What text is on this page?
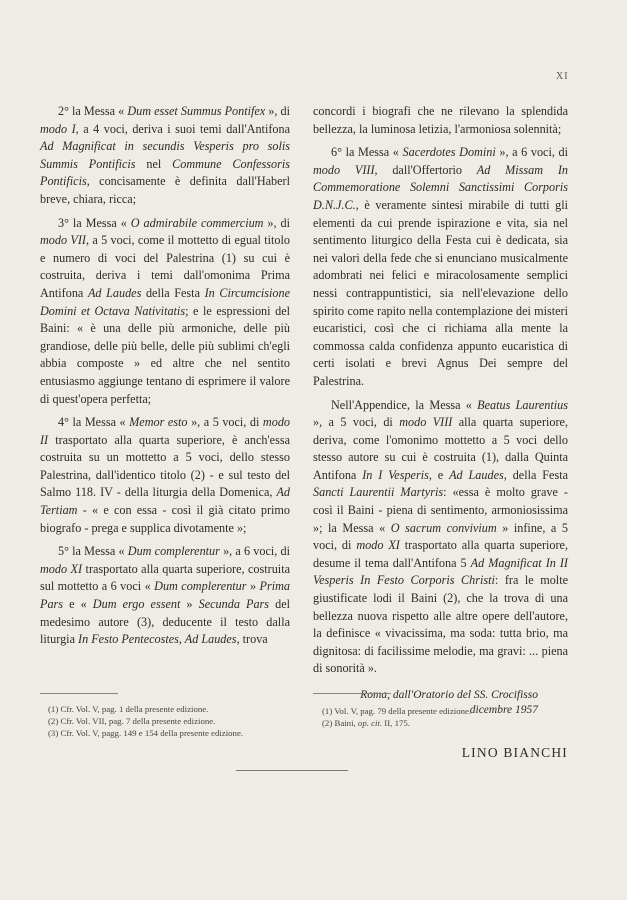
XI

2° la Messa « Dum esset Summus Pontifex », di modo I, a 4 voci, deriva i suoi temi dall'Antifona Ad Magnificat in secundis Vesperis pro solis Summis Pontificis nel Commune Confessoris Pontificis, concisamente è definita dall'Haberl breve, chiara, ricca;

3° la Messa « O admirabile commercium », di modo VII, a 5 voci, come il mottetto di egual titolo e numero di voci del Palestrina (1) su cui è costruita, deriva i temi dall'omonima Prima Antifona Ad Laudes della Festa In Circumcisione Domini et Octava Nativitatis; e le espressioni del Baini: « è una delle più armoniche, delle più grandiose, delle più belle, delle più sublimi ch'egli abbia composte » ed altre che nel sentito entusiasmo aggiunge tentano di esprimere il valore di quest'opera perfetta;

4° la Messa « Memor esto », a 5 voci, di modo II trasportato alla quarta superiore, è anch'essa costruita su un mottetto a 5 voci, dello stesso Palestrina, dall'identico titolo (2) - e sul testo del Salmo 118. IV - della liturgia della Domenica, Ad Tertiam - « e con essa - così il già citato primo biografo - prega e supplica divotamente »;

5° la Messa « Dum complerentur », a 6 voci, di modo XI trasportato alla quarta superiore, costruita sul mottetto a 6 voci « Dum complerentur » Prima Pars e « Dum ergo essent » Secunda Pars del medesimo autore (3), deducente il testo dalla liturgia In Festo Pentecostes, Ad Laudes, trova

concordi i biografi che ne rilevano la splendida bellezza, la luminosa letizia, l'armoniosa solennità;

6° la Messa « Sacerdotes Domini », a 6 voci, di modo VIII, dall'Offertorio Ad Missam In Commemoratione Solemni Sanctissimi Corporis D.N.J.C., è veramente sintesi mirabile di tutti gli elementi da cui prende ispirazione e vita, sia nel sentimento liturgico della Festa cui è dedicata, sia nei valori della fede che si enunciano musicalmente adombrati nei felici e miracolosamente semplici nessi contrappuntistici, sia nell'elevazione dello spirito come rapito nella contemplazione dei misteri eucaristici, così che ci richiama alla mente la commossa calda confidenza appunto eucaristica di certi isolati e brevi Agnus Dei sempre del Palestrina.

Nell'Appendice, la Messa « Beatus Laurentius », a 5 voci, di modo VIII alla quarta superiore, deriva, come l'omonimo mottetto a 5 voci dello stesso autore su cui è costruita (1), dalla Quinta Antifona In I Vesperis, e Ad Laudes, della Festa Sancti Laurentii Martyris: «essa è molto grave - così il Baini - piena di sentimento, armoniosissima »; la Messa « O sacrum convivium » infine, a 5 voci, di modo XI trasportato alla quarta superiore, desume il tema dall'Antifona 5 Ad Magnificat In II Vesperis In Festo Corporis Christi: fra le molte giustificate lodi il Baini (2), che la trova di una bellezza nuova rispetto alle altre opere dell'autore, la definisce « vivacissima, ma soda: tutta brio, ma dignitosa: di facilissime melodie, ma gravi: ... piena di sonorità ».

Roma, dall'Oratorio del SS. Crocifisso
dicembre 1957

LINO BIANCHI

(1) Cfr. Vol. V, pag. 1 della presente edizione.
(2) Cfr. Vol. VII, pag. 7 della presente edizione.
(3) Cfr. Vol. V, pagg. 149 e 154 della presente edizione.
(1) Vol. V, pag. 79 della presente edizione.
(2) Baini, op. cit. II, 175.
